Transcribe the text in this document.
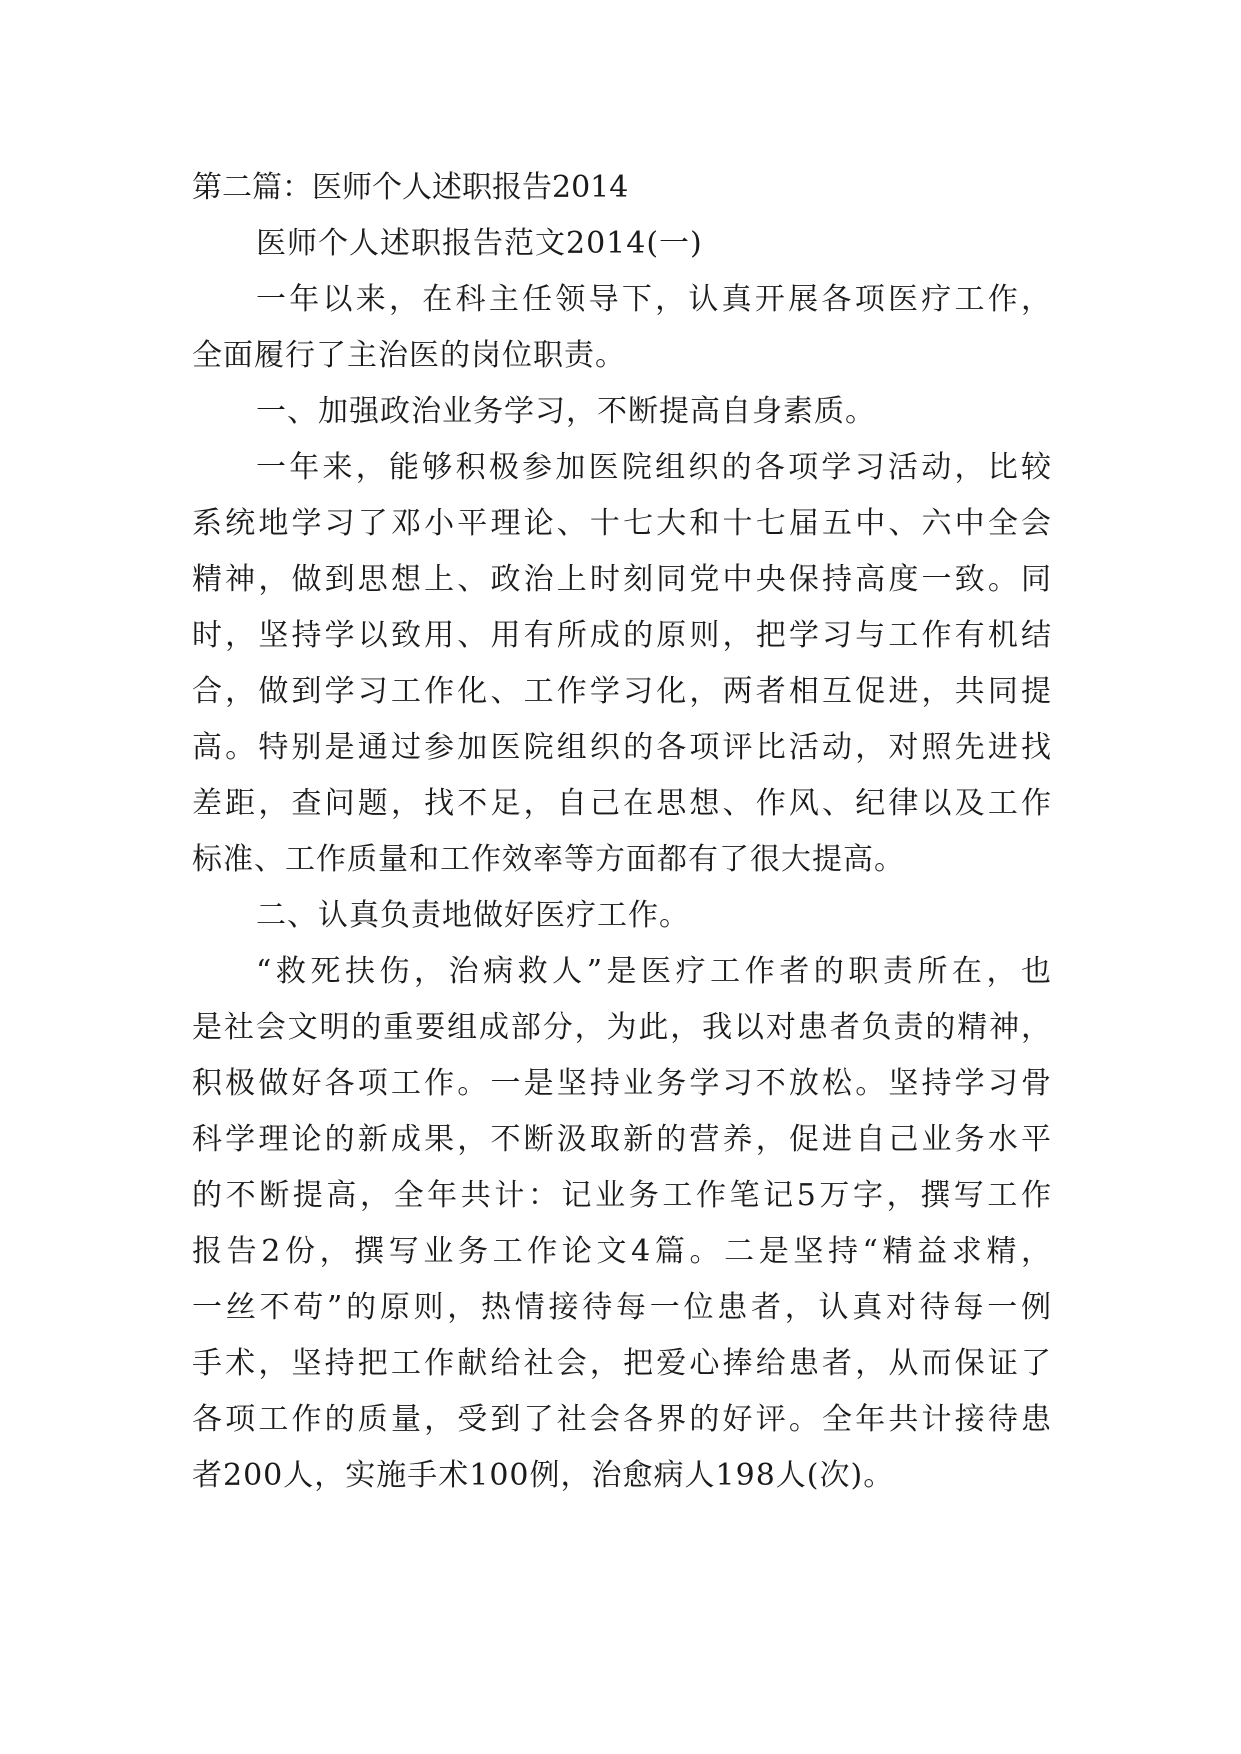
第二篇：医师个人述职报告2014
医师个人述职报告范文2014(一)
一年以来，在科主任领导下，认真开展各项医疗工作，
全面履行了主治医的岗位职责。
一、加强政治业务学习，不断提高自身素质。
一年来，能够积极参加医院组织的各项学习活动，比较
系统地学习了邓小平理论、十七大和十七届五中、六中全会
精神，做到思想上、政治上时刻同党中央保持高度一致。同
时，坚持学以致用、用有所成的原则，把学习与工作有机结
合，做到学习工作化、工作学习化，两者相互促进，共同提
高。特别是通过参加医院组织的各项评比活动，对照先进找
差距，查问题，找不足，自己在思想、作风、纪律以及工作
标准、工作质量和工作效率等方面都有了很大提高。
二、认真负责地做好医疗工作。
“救死扶伤，治病救人”是医疗工作者的职责所在，也
是社会文明的重要组成部分，为此，我以对患者负责的精神，
积极做好各项工作。一是坚持业务学习不放松。坚持学习骨
科学理论的新成果，不断汲取新的营养，促进自己业务水平
的不断提高，全年共计：记业务工作笔记5万字，撰写工作
报告2份，撰写业务工作论文4篇。二是坚持“精益求精，
一丝不苟”的原则，热情接待每一位患者，认真对待每一例
手术，坚持把工作献给社会，把爱心捧给患者，从而保证了
各项工作的质量，受到了社会各界的好评。全年共计接待患
者200人，实施手术100例，治愈病人198人(次)。
